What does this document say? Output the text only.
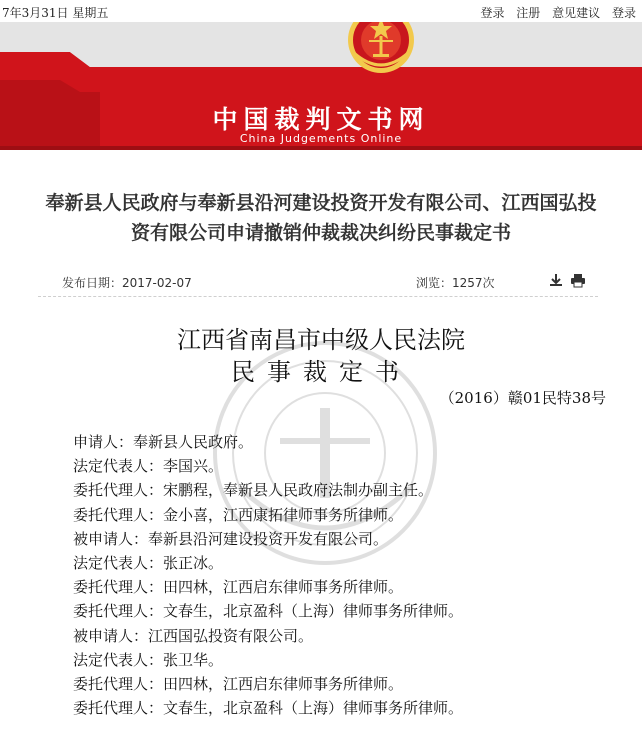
7年3月31日 星期五	登录 注册 意见建议 登录
中国裁判文书网
China Judgements Online
奉新县人民政府与奉新县沿河建设投资开发有限公司、江西国弘投
资有限公司申请撤销仲裁裁决纠纷民事裁定书
发布日期：2017-02-07	浏览：1257次
江西省南昌市中级人民法院
民事裁定书
（2016）赣01民特38号
申请人：奉新县人民政府。
法定代表人：李国兴。
委托代理人：宋鹏程，奉新县人民政府法制办副主任。
委托代理人：金小喜，江西康拓律师事务所律师。
被申请人：奉新县沿河建设投资开发有限公司。
法定代表人：张正冰。
委托代理人：田四林，江西启东律师事务所律师。
委托代理人：文春生，北京盈科（上海）律师事务所律师。
被申请人：江西国弘投资有限公司。
法定代表人：张卫华。
委托代理人：田四林，江西启东律师事务所律师。
委托代理人：文春生，北京盈科（上海）律师事务所律师。
